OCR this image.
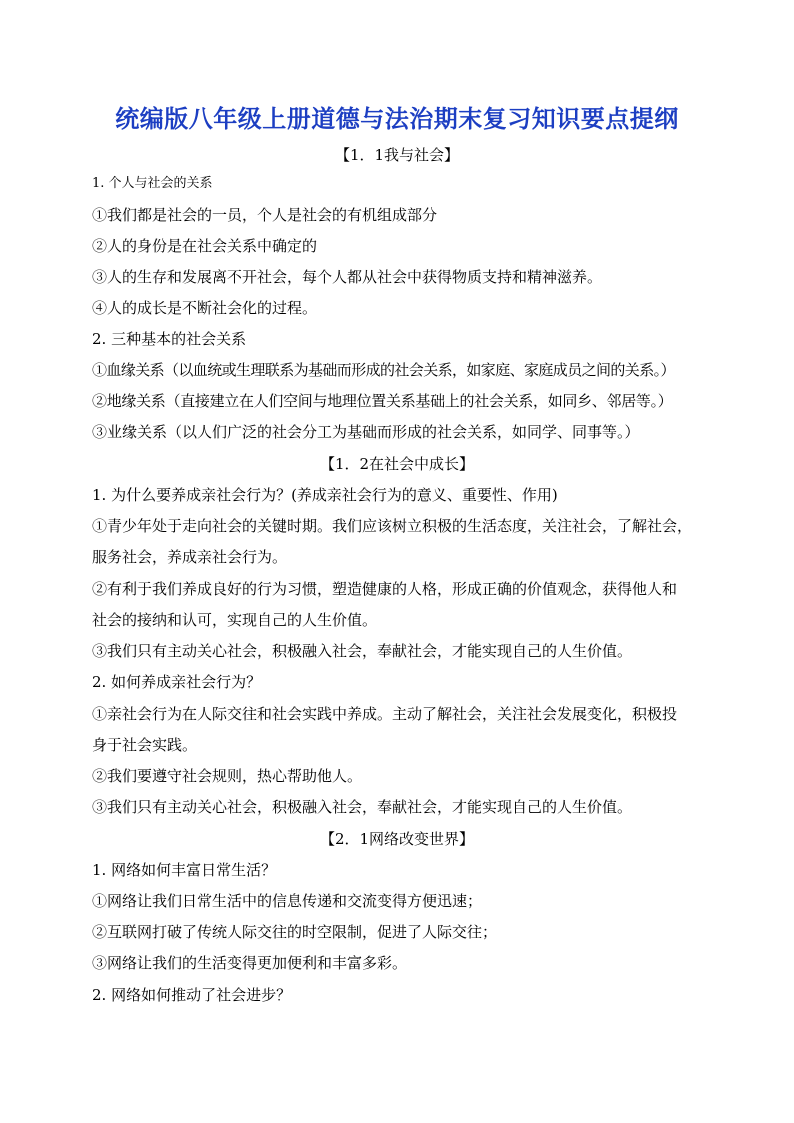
统编版八年级上册道德与法治期末复习知识要点提纲
【1．1我与社会】
1. 个人与社会的关系
①我们都是社会的一员，个人是社会的有机组成部分
②人的身份是在社会关系中确定的
③人的生存和发展离不开社会，每个人都从社会中获得物质支持和精神滋养。
④人的成长是不断社会化的过程。
2. 三种基本的社会关系
①血缘关系（以血统或生理联系为基础而形成的社会关系，如家庭、家庭成员之间的关系。）
②地缘关系（直接建立在人们空间与地理位置关系基础上的社会关系，如同乡、邻居等。）
③业缘关系（以人们广泛的社会分工为基础而形成的社会关系，如同学、同事等。）
【1．2在社会中成长】
1. 为什么要养成亲社会行为？(养成亲社会行为的意义、重要性、作用)
①青少年处于走向社会的关键时期。我们应该树立积极的生活态度，关注社会，了解社会，
服务社会，养成亲社会行为。
②有利于我们养成良好的行为习惯，塑造健康的人格，形成正确的价值观念，获得他人和
社会的接纳和认可，实现自己的人生价值。
③我们只有主动关心社会，积极融入社会，奉献社会，才能实现自己的人生价值。
2. 如何养成亲社会行为？
①亲社会行为在人际交往和社会实践中养成。主动了解社会，关注社会发展变化，积极投
身于社会实践。
②我们要遵守社会规则，热心帮助他人。
③我们只有主动关心社会，积极融入社会，奉献社会，才能实现自己的人生价值。
【2．1网络改变世界】
1. 网络如何丰富日常生活？
①网络让我们日常生活中的信息传递和交流变得方便迅速；
②互联网打破了传统人际交往的时空限制，促进了人际交往；
③网络让我们的生活变得更加便利和丰富多彩。
2. 网络如何推动了社会进步？
